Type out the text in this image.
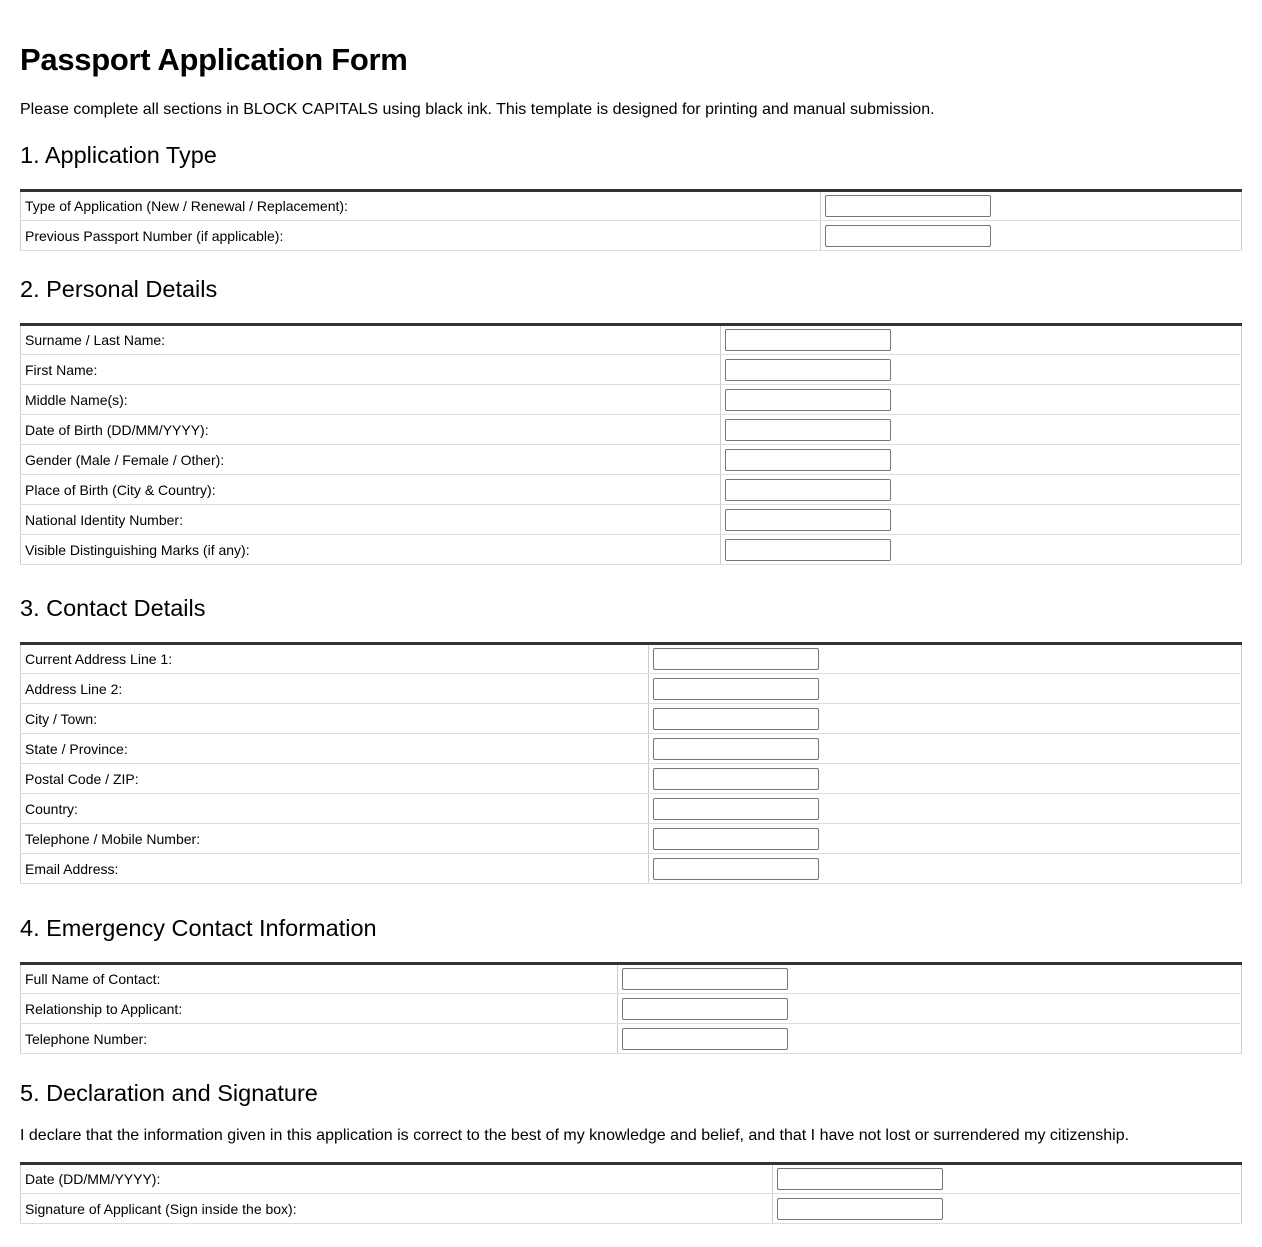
Passport Application Form

Please complete all sections in BLOCK CAPITALS using black ink. This template is designed for printing and manual submission.

1. Application Type
Type of Application (New / Renewal / Replacement):	

Previous Passport Number (if applicable):	
2. Personal Details
Surname / Last Name:	

First Name:	

Middle Name(s):	

Date of Birth (DD/MM/YYYY):	

Gender (Male / Female / Other):	

Place of Birth (City & Country):	

National Identity Number:	

Visible Distinguishing Marks (if any):	
3. Contact Details
Current Address Line 1:	

Address Line 2:	

City / Town:	

State / Province:	

Postal Code / ZIP:	

Country:	

Telephone / Mobile Number:	

Email Address:	
4. Emergency Contact Information
Full Name of Contact:	

Relationship to Applicant:	

Telephone Number:	
5. Declaration and Signature

I declare that the information given in this application is correct to the best of my knowledge and belief, and that I have not lost or surrendered my citizenship.

Date (DD/MM/YYYY):	

Signature of Applicant (Sign inside the box):	
